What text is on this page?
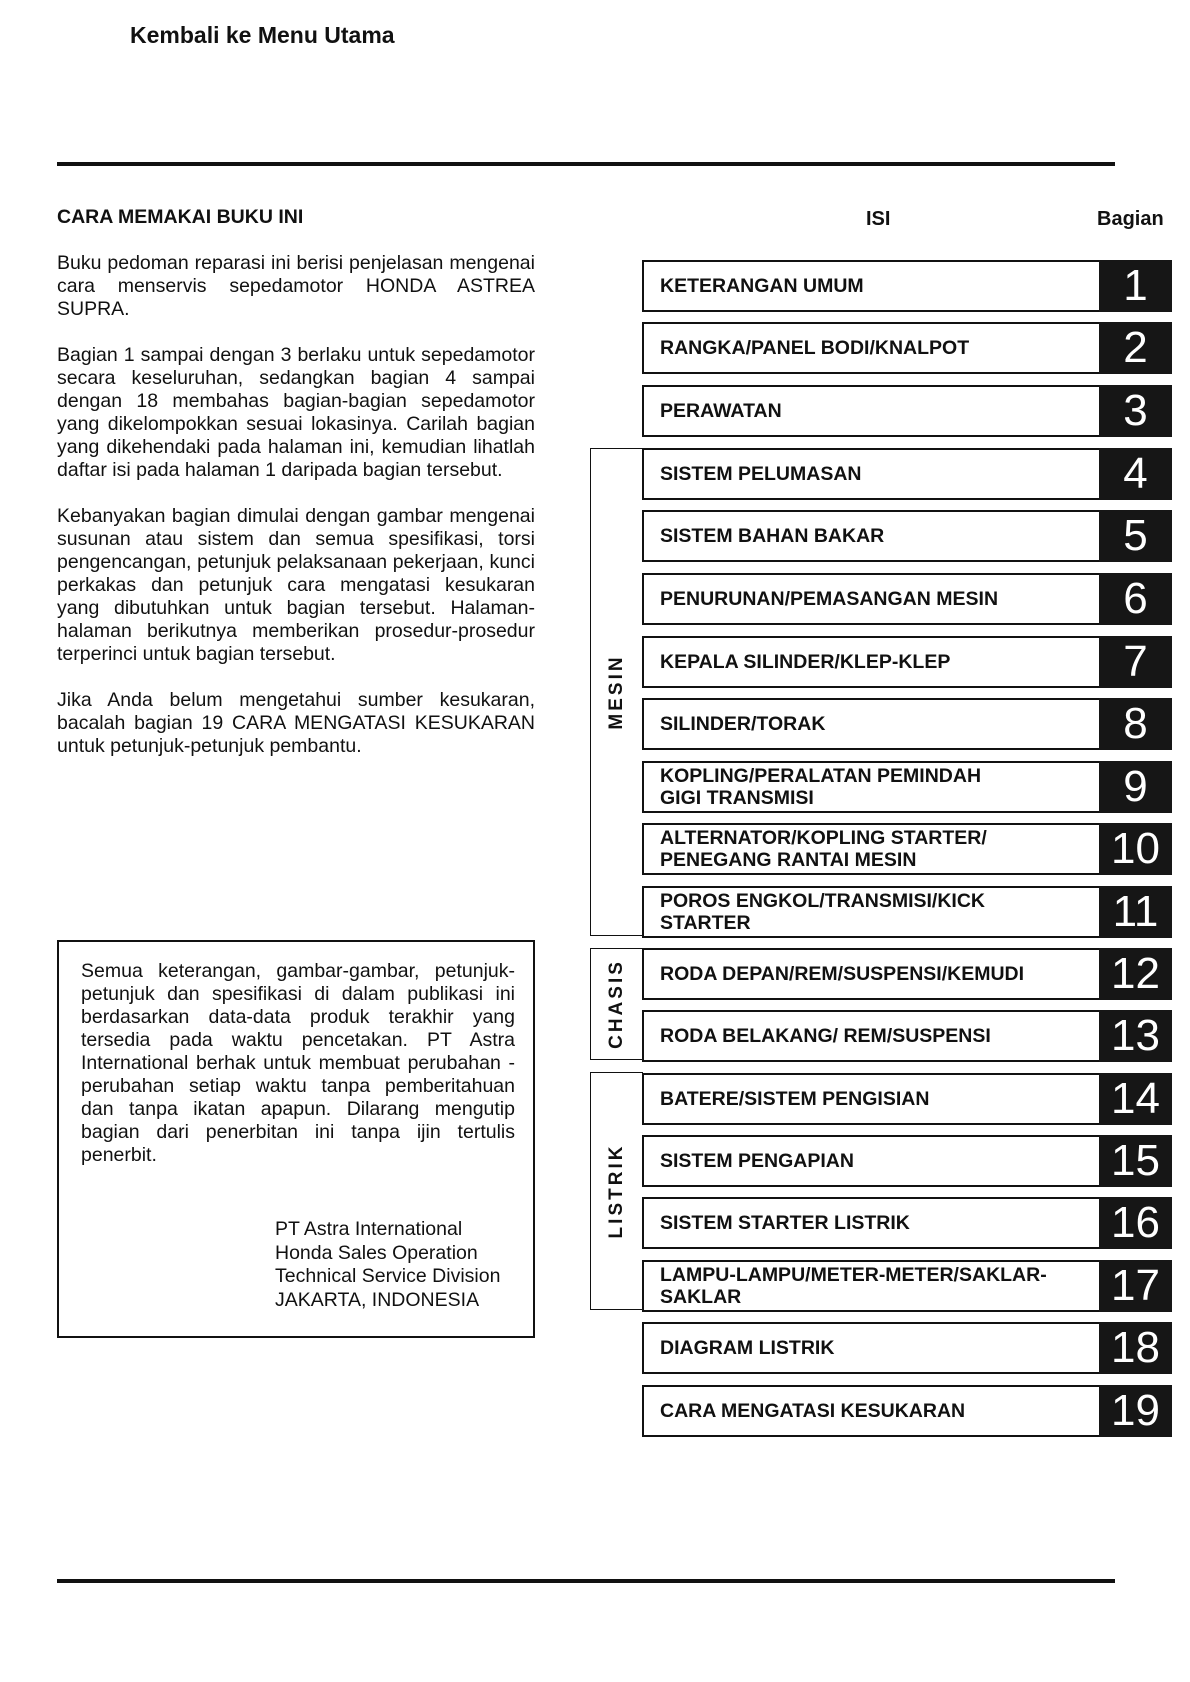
Kembali ke Menu Utama
CARA MEMAKAI BUKU INI

Buku pedoman reparasi ini berisi penjelasan mengenai cara menservis sepedamotor HONDA ASTREA SUPRA.

Bagian 1 sampai dengan 3 berlaku untuk sepedamotor secara keseluruhan, sedangkan bagian 4 sampai dengan 18 membahas bagian-bagian sepedamotor yang dikelompokkan sesuai lokasinya. Carilah bagian yang dikehendaki pada halaman ini, kemudian lihatlah daftar isi pada halaman 1 daripada bagian tersebut.

Kebanyakan bagian dimulai dengan gambar mengenai susunan atau sistem dan semua spesifikasi, torsi pengencangan, petunjuk pelaksanaan pekerjaan, kunci perkakas dan petunjuk cara mengatasi kesukaran yang dibutuhkan untuk bagian tersebut. Halaman-halaman berikutnya memberikan prosedur-prosedur terperinci untuk bagian tersebut.

Jika Anda belum mengetahui sumber kesukaran, bacalah bagian 19 CARA MENGATASI KESUKARAN untuk petunjuk-petunjuk pembantu.

Semua keterangan, gambar-gambar, petunjuk-petunjuk dan spesifikasi di dalam publikasi ini berdasarkan data-data produk terakhir yang tersedia pada waktu pencetakan. PT Astra International berhak untuk membuat perubahan - perubahan setiap waktu tanpa pemberitahuan dan tanpa ikatan apapun. Dilarang mengutip bagian dari penerbitan ini tanpa ijin tertulis penerbit.
PT Astra International
Honda Sales Operation
Technical Service Division
JAKARTA, INDONESIA
ISI	Bagian
MESIN
CHASIS
LISTRIK
KETERANGAN UMUM	1
RANGKA/PANEL BODI/KNALPOT	2
PERAWATAN	3
SISTEM PELUMASAN	4
SISTEM BAHAN BAKAR	5
PENURUNAN/PEMASANGAN MESIN	6
KEPALA SILINDER/KLEP-KLEP	7
SILINDER/TORAK	8
KOPLING/PERALATAN PEMINDAH
GIGI TRANSMISI	9
ALTERNATOR/KOPLING STARTER/
PENEGANG RANTAI MESIN	10
POROS ENGKOL/TRANSMISI/KICK
STARTER	11
RODA DEPAN/REM/SUSPENSI/KEMUDI 12
RODA BELAKANG/ REM/SUSPENSI	13
BATERE/SISTEM PENGISIAN	14
SISTEM PENGAPIAN	15
SISTEM STARTER LISTRIK	16
LAMPU-LAMPU/METER-METER/SAKLAR-
SAKLAR	17
DIAGRAM LISTRIK	18
CARA MENGATASI KESUKARAN	19
